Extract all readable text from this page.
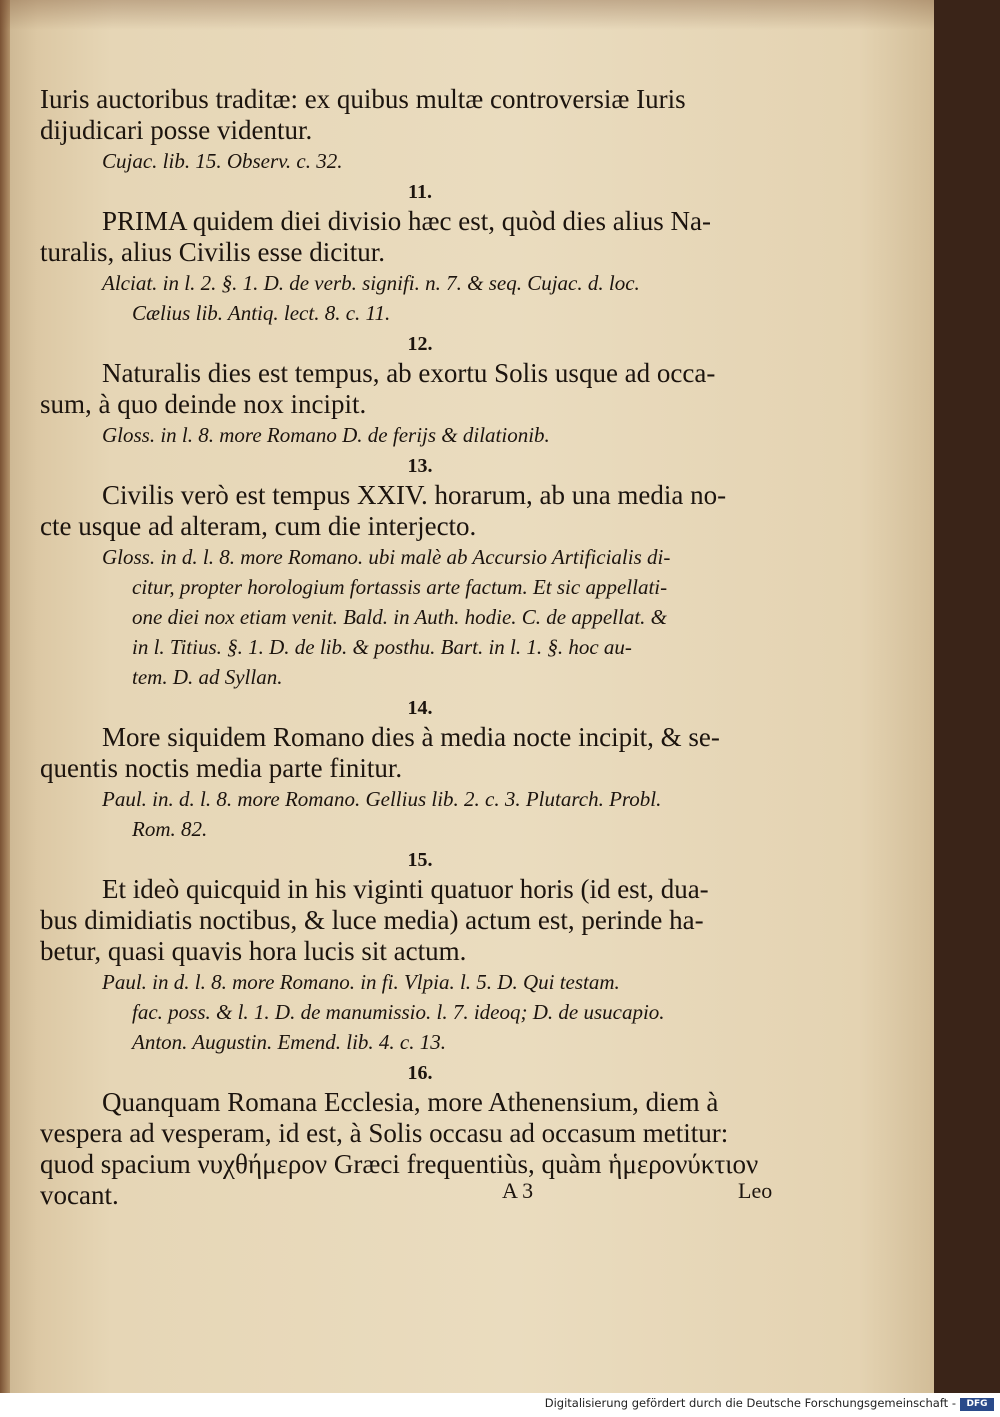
Iuris auctoribus traditæ: ex quibus multæ controversiæ Iuris
dijudicari posse videntur.
Cujac. lib. 15. Observ. c. 32.
11.
PRIMA quidem diei divisio hæc est, quòd dies alius Na-
turalis, alius Civilis esse dicitur.
Alciat. in l. 2. §. 1. D. de verb. signifi. n. 7. & seq. Cujac. d. loc.
Cælius lib. Antiq. lect. 8. c. 11.
12.
Naturalis dies est tempus, ab exortu Solis usque ad occa-
sum, à quo deinde nox incipit.
Gloss. in l. 8. more Romano D. de ferijs & dilationib.
13.
Civilis verò est tempus XXIV. horarum, ab una media no-
cte usque ad alteram, cum die interjecto.
Gloss. in d. l. 8. more Romano. ubi malè ab Accursio Artificialis di-
citur, propter horologium fortassis arte factum. Et sic appellati-
one diei nox etiam venit. Bald. in Auth. hodie. C. de appellat. &
in l. Titius. §. 1. D. de lib. & posthu. Bart. in l. 1. §. hoc au-
tem. D. ad Syllan.
14.
More siquidem Romano dies à media nocte incipit, & se-
quentis noctis media parte finitur.
Paul. in. d. l. 8. more Romano. Gellius lib. 2. c. 3. Plutarch. Probl.
Rom. 82.
15.
Et ideò quicquid in his viginti quatuor horis (id est, dua-
bus dimidiatis noctibus, & luce media) actum est, perinde ha-
betur, quasi quavis hora lucis sit actum.
Paul. in d. l. 8. more Romano. in fi. Vlpia. l. 5. D. Qui testam.
fac. poss. & l. 1. D. de manumissio. l. 7. ideoq; D. de usucapio.
Anton. Augustin. Emend. lib. 4. c. 13.
16.
Quanquam Romana Ecclesia, more Athenensium, diem à
vespera ad vesperam, id est, à Solis occasu ad occasum metitur:
quod spacium νυχθήμερον Græci frequentiùs, quàm ἡμερονύκτιον
vocant.	A 3	Leo
Digitalisierung gefördert durch die Deutsche Forschungsgemeinschaft -	DFG
